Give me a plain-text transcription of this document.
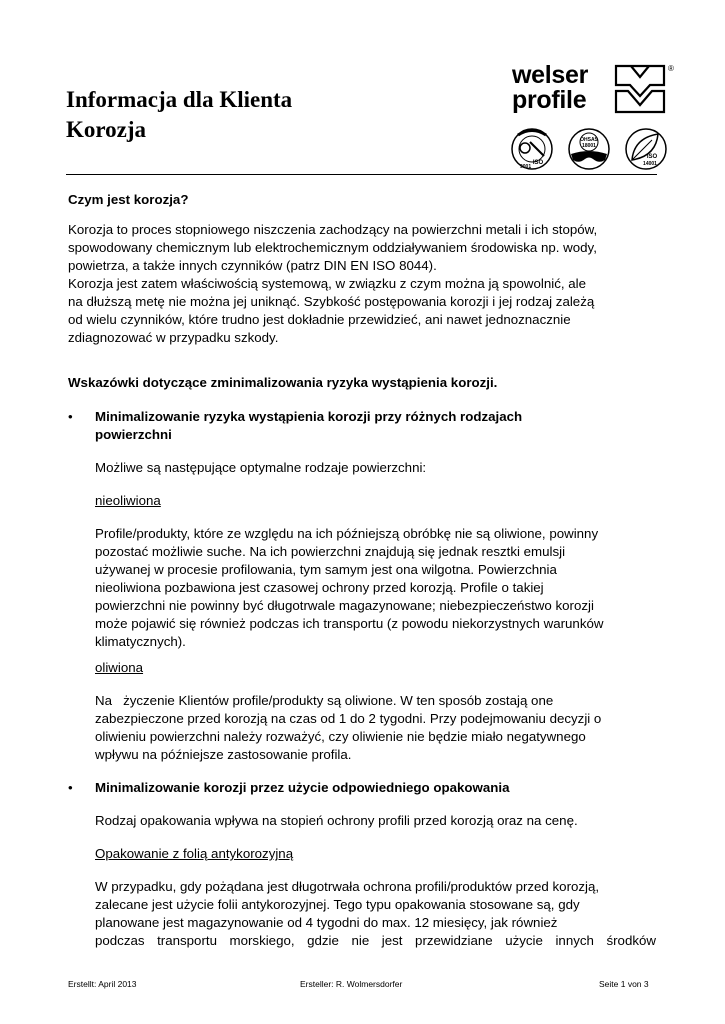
Informacja dla Klienta
Korozja
welser
profile
®
ISO
9001
OHSAS
18001
ISO
14001
Czym jest korozja?

Korozja to proces stopniowego niszczenia zachodzący na powierzchni metali i ich stopów,

spowodowany chemicznym lub elektrochemicznym oddziaływaniem środowiska np. wody,

powietrza, a także innych czynników (patrz DIN EN ISO 8044).

Korozja jest zatem właściwością systemową, w związku z czym można ją spowolnić, ale

na dłuższą metę nie można jej uniknąć. Szybkość postępowania korozji i jej rodzaj zależą

od wielu czynników, które trudno jest dokładnie przewidzieć, ani nawet jednoznacznie

zdiagnozować w przypadku szkody.

Wskazówki dotyczące zminimalizowania ryzyka wystąpienia korozji.
• Minimalizowanie ryzyka wystąpienia korozji przy różnych rodzajach

powierzchni

Możliwe są następujące optymalne rodzaje powierzchni:
nieoliwiona

Profile/produkty, które ze względu na ich późniejszą obróbkę nie są oliwione, powinny

pozostać możliwie suche. Na ich powierzchni znajdują się jednak resztki emulsji

używanej w procesie profilowania, tym samym jest ona wilgotna. Powierzchnia

nieoliwiona pozbawiona jest czasowej ochrony przed korozją. Profile o takiej

powierzchni nie powinny być długotrwale magazynowane; niebezpieczeństwo korozji

może pojawić się również podczas ich transportu (z powodu niekorzystnych warunków

klimatycznych).

oliwiona

Na   życzenie Klientów profile/produkty są oliwione. W ten sposób zostają one

zabezpieczone przed korozją na czas od 1 do 2 tygodni. Przy podejmowaniu decyzji o

oliwieniu powierzchni należy rozważyć, czy oliwienie nie będzie miało negatywnego

wpływu na późniejsze zastosowanie profila.

• Minimalizowanie korozji przez użycie odpowiedniego opakowania
Rodzaj opakowania wpływa na stopień ochrony profili przed korozją oraz na cenę.
Opakowanie z folią antykorozyjną

W przypadku, gdy pożądana jest długotrwała ochrona profili/produktów przed korozją,

zalecane jest użycie folii antykorozyjnej. Tego typu opakowania stosowane są, gdy

planowane jest magazynowanie od 4 tygodni do max. 12 miesięcy, jak również

podczas transportu morskiego, gdzie nie jest przewidziane użycie innych środków

Erstellt: April 2013	Ersteller: R. Wolmersdorfer	Seite 1 von 3
